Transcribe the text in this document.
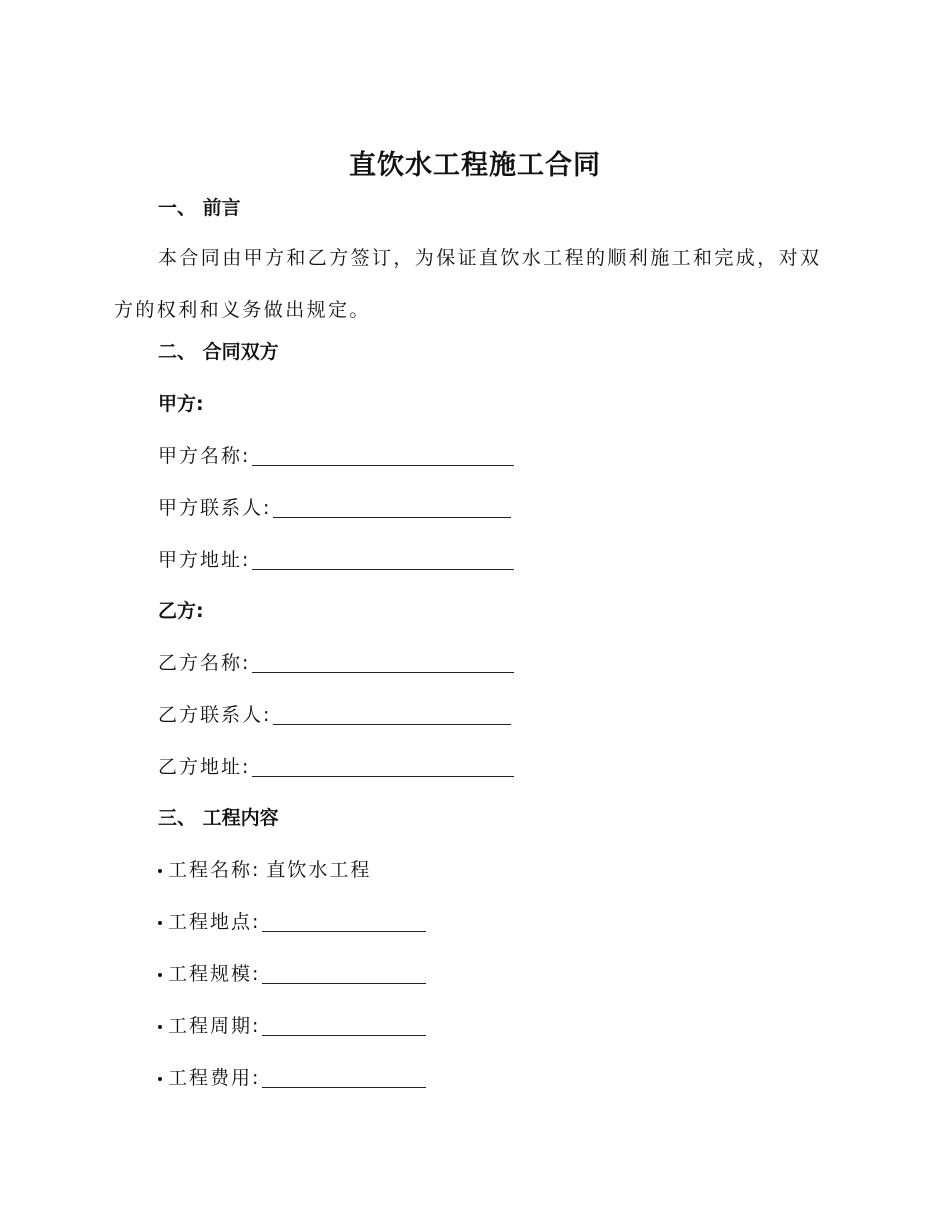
直饮水工程施工合同
一、 前言
本合同由甲方和乙方签订，为保证直饮水工程的顺利施工和完成，对双方的权利和义务做出规定。
二、 合同双方
甲方:
甲方名称:
甲方联系人:
甲方地址:
乙方:
乙方名称:
乙方联系人:
乙方地址:
三、 工程内容
工程名称: 直饮水工程
工程地点:
工程规模:
工程周期:
工程费用:
